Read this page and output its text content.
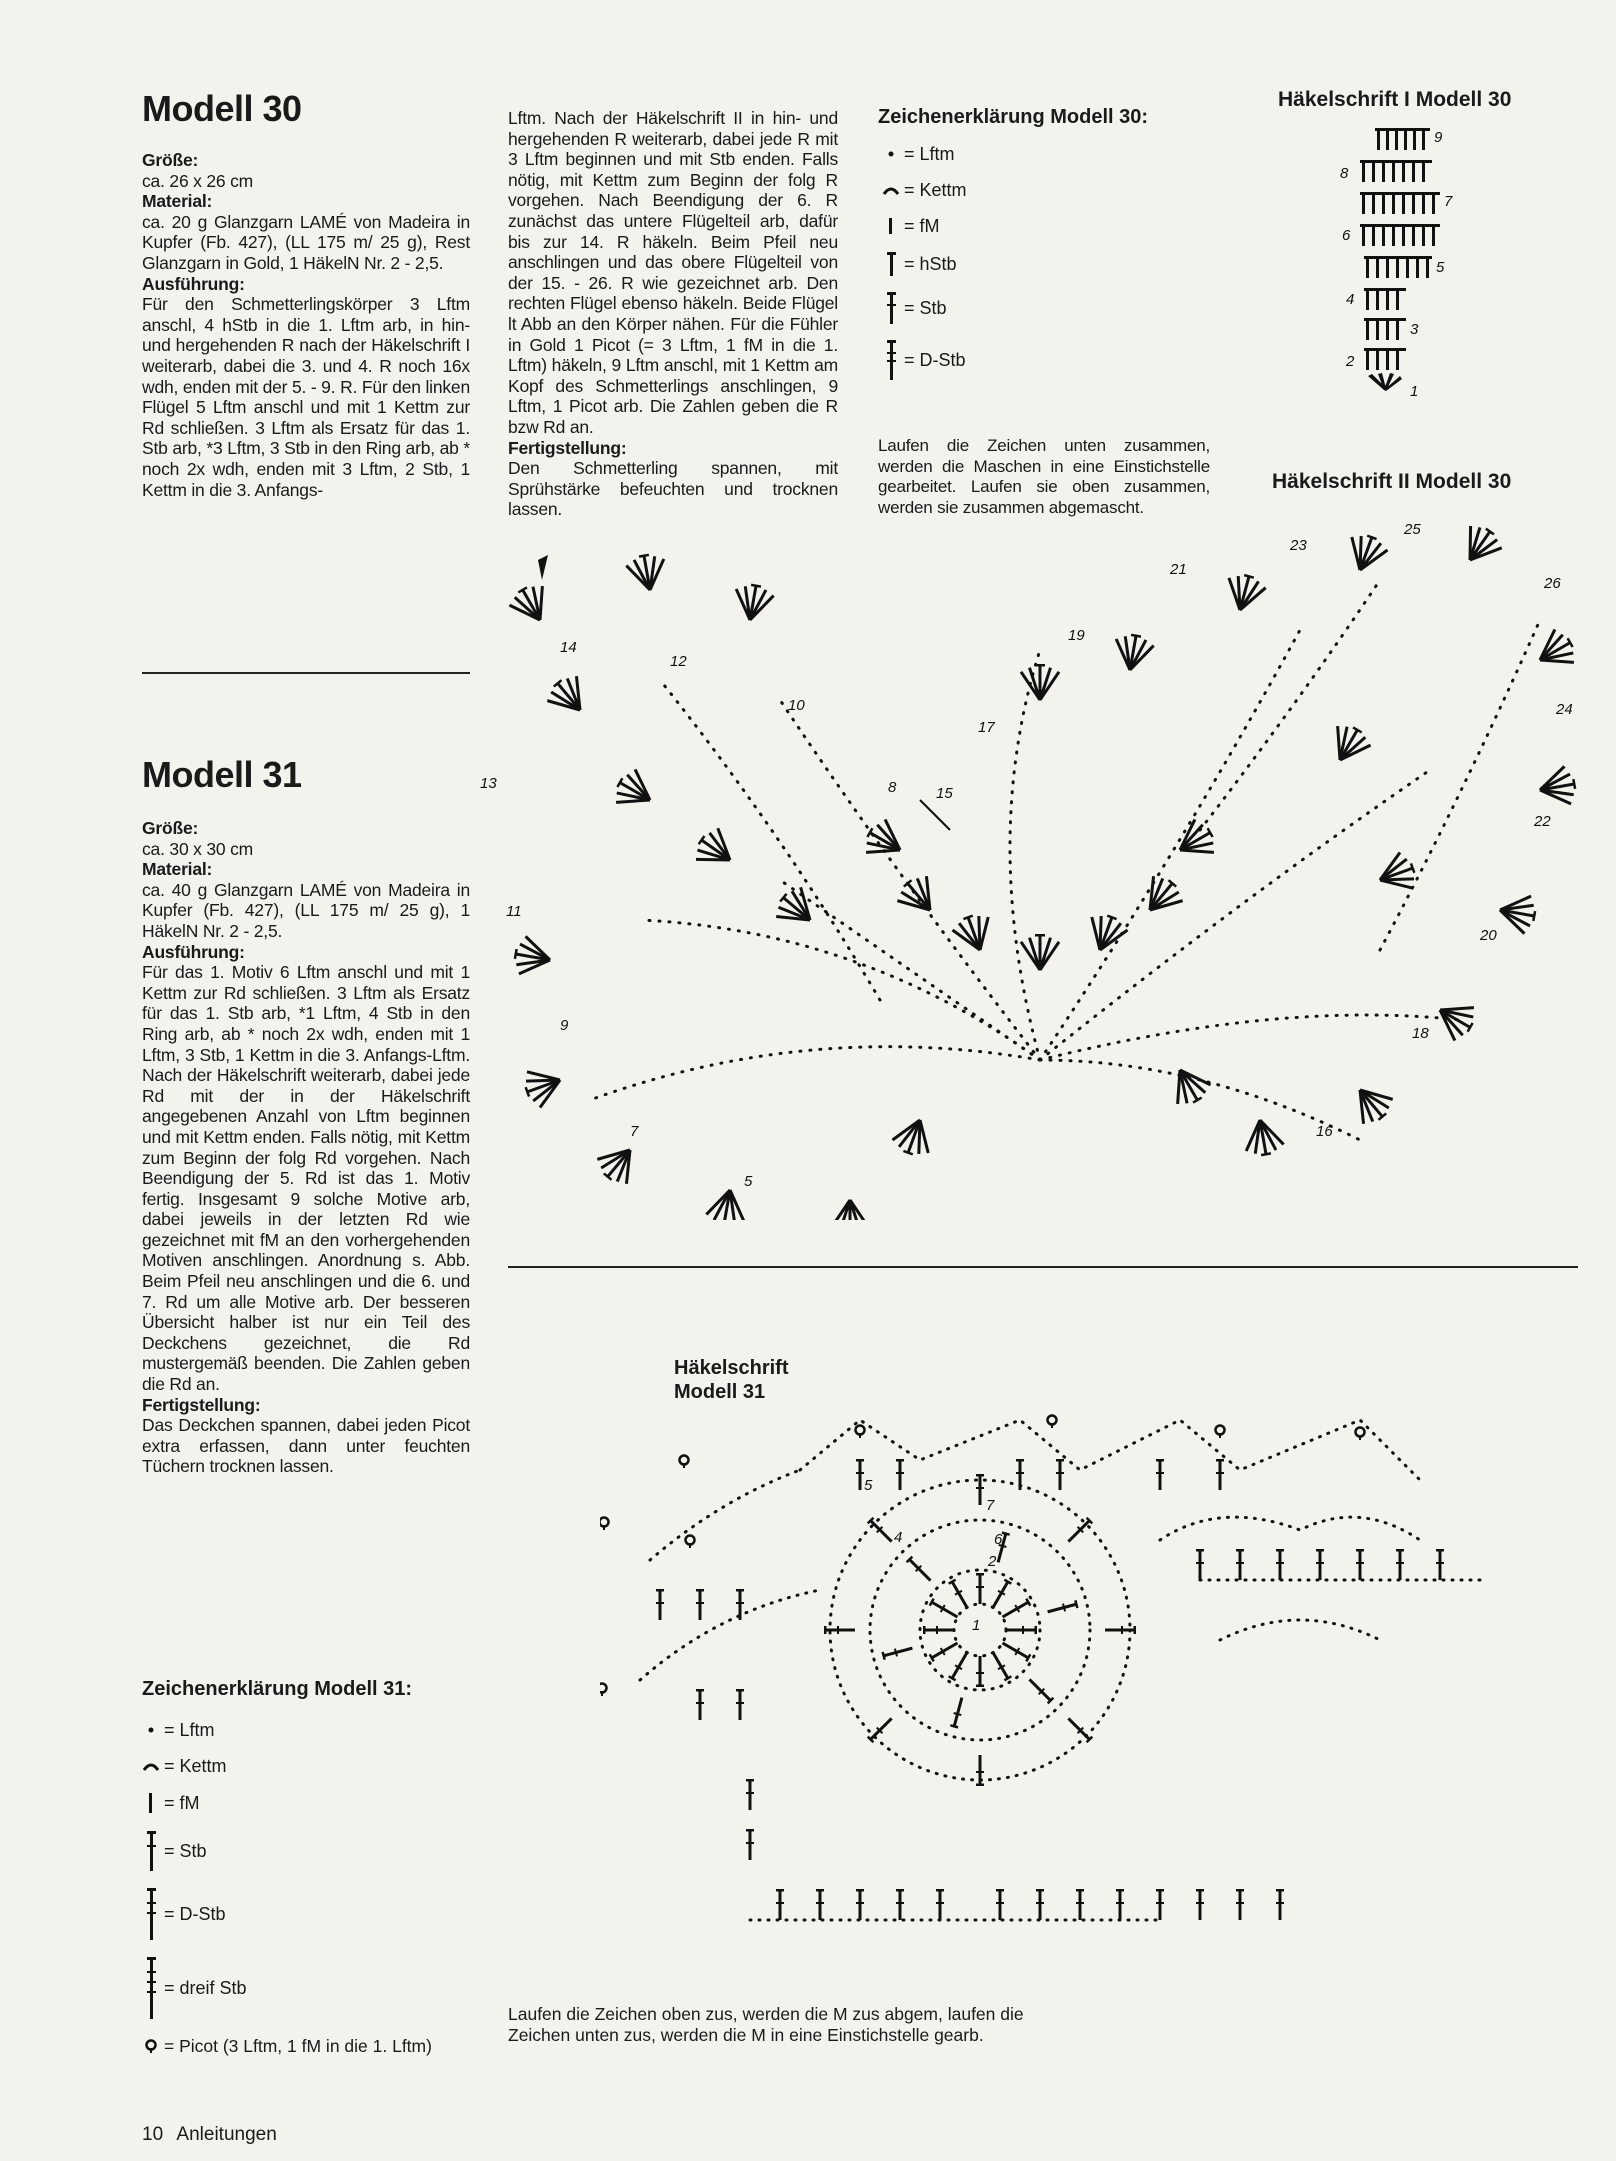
Modell 30
Größe:

ca. 26 x 26 cm

Material:

ca. 20 g Glanzgarn LAMÉ von Madeira in Kupfer (Fb. 427), (LL 175 m/ 25 g), Rest Glanzgarn in Gold, 1 HäkelN Nr. 2 - 2,5.

Ausführung:

Für den Schmetterlingskörper 3 Lftm anschl, 4 hStb in die 1. Lftm arb, in hin- und hergehenden R nach der Häkelschrift I weiterarb, dabei die 3. und 4. R noch 16x wdh, enden mit der 5. - 9. R. Für den linken Flügel 5 Lftm anschl und mit 1 Kettm zur Rd schließen. 3 Lftm als Ersatz für das 1. Stb arb, *3 Lftm, 3 Stb in den Ring arb, ab * noch 2x wdh, enden mit 3 Lftm, 2 Stb, 1 Kettm in die 3. Anfangs-

Lftm. Nach der Häkelschrift II in hin- und hergehenden R weiterarb, dabei jede R mit 3 Lftm beginnen und mit Stb enden. Falls nötig, mit Kettm zum Beginn der folg R vorgehen. Nach Beendigung der 6. R zunächst das untere Flügelteil arb, dafür bis zur 14. R häkeln. Beim Pfeil neu anschlingen und das obere Flügelteil von der 15. - 26. R wie gezeichnet arb. Den rechten Flügel ebenso häkeln. Beide Flügel lt Abb an den Körper nähen. Für die Fühler in Gold 1 Picot (= 3 Lftm, 1 fM in die 1. Lftm) häkeln, 9 Lftm anschl, mit 1 Kettm am Kopf des Schmetterlings anschlingen, 9 Lftm, 1 Picot arb. Die Zahlen geben die R bzw Rd an.

Fertigstellung:

Den Schmetterling spannen, mit Sprühstärke befeuchten und trocknen lassen.

Zeichenerklärung Modell 30:
= Lftm
= Kettm
= fM
= hStb
= Stb
= D-Stb
Laufen die Zeichen unten zusammen, werden die Maschen in eine Einstichstelle gearbeitet. Laufen sie oben zusammen, werden sie zusammen abgemascht.
Häkelschrift I Modell 30
9
8
7
6
5
4
3
2
1
Häkelschrift II Modell 30
14
12
10
13
11
9
8
7
5
15
17
19
21
23
25
26
24
22
20
18
16
Modell 31
Größe:

ca. 30 x 30 cm

Material:

ca. 40 g Glanzgarn LAMÉ von Madeira in Kupfer (Fb. 427), (LL 175 m/ 25 g), 1 HäkelN Nr. 2 - 2,5.

Ausführung:

Für das 1. Motiv 6 Lftm anschl und mit 1 Kettm zur Rd schließen. 3 Lftm als Ersatz für das 1. Stb arb, *1 Lftm, 4 Stb in den Ring arb, ab * noch 2x wdh, enden mit 1 Lftm, 3 Stb, 1 Kettm in die 3. Anfangs-Lftm. Nach der Häkelschrift weiterarb, dabei jede Rd mit der in der Häkelschrift angegebenen Anzahl von Lftm beginnen und mit Kettm enden. Falls nötig, mit Kettm zum Beginn der folg Rd vorgehen. Nach Beendigung der 5. Rd ist das 1. Motiv fertig. Insgesamt 9 solche Motive arb, dabei jeweils in der letzten Rd wie gezeichnet mit fM an den vorhergehenden Motiven anschlingen. Anordnung s. Abb. Beim Pfeil neu anschlingen und die 6. und 7. Rd um alle Motive arb. Der besseren Übersicht halber ist nur ein Teil des Deckchens gezeichnet, die Rd mustergemäß beenden. Die Zahlen geben die Rd an.

Fertigstellung:

Das Deckchen spannen, dabei jeden Picot extra erfassen, dann unter feuchten Tüchern trocknen lassen.

Zeichenerklärung Modell 31:
= Lftm
= Kettm
= fM
= Stb
= D-Stb
= dreif Stb
= Picot (3 Lftm, 1 fM in die 1. Lftm)
Häkelschrift
Modell 31
1
2
4
5
6
7
Laufen die Zeichen oben zus, werden die M zus abgem, laufen die Zeichen unten zus, werden die M in eine Einstichstelle gearb.
10 Anleitungen
